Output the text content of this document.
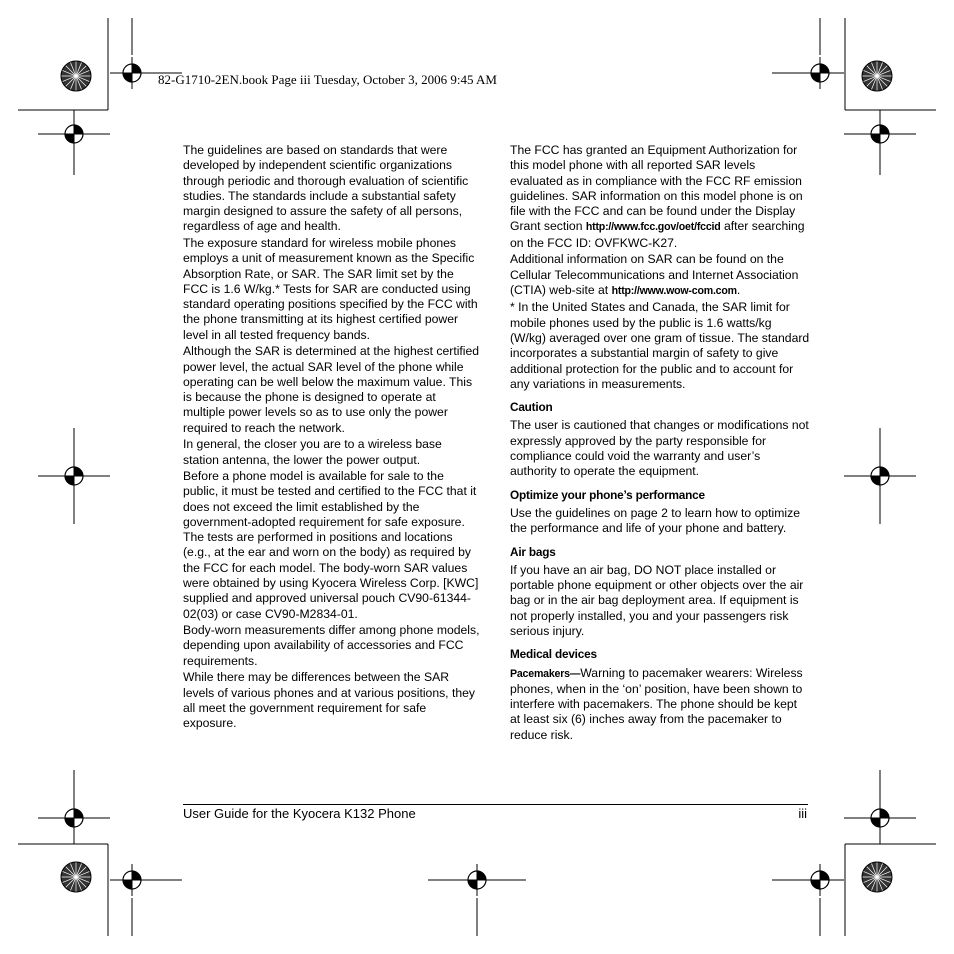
82-G1710-2EN.book Page iii Tuesday, October 3, 2006 9:45 AM

The guidelines are based on standards that were developed by independent scientific organizations through periodic and thorough evaluation of scientific studies. The standards include a substantial safety margin designed to assure the safety of all persons, regardless of age and health.

The exposure standard for wireless mobile phones employs a unit of measurement known as the Specific Absorption Rate, or SAR. The SAR limit set by the FCC is 1.6 W/kg.* Tests for SAR are conducted using standard operating positions specified by the FCC with the phone transmitting at its highest certified power level in all tested frequency bands.

Although the SAR is determined at the highest certified power level, the actual SAR level of the phone while operating can be well below the maximum value. This is because the phone is designed to operate at multiple power levels so as to use only the power required to reach the network.

In general, the closer you are to a wireless base station antenna, the lower the power output.

Before a phone model is available for sale to the public, it must be tested and certified to the FCC that it does not exceed the limit established by the government-adopted requirement for safe exposure. The tests are performed in positions and locations (e.g., at the ear and worn on the body) as required by the FCC for each model. The body-worn SAR values were obtained by using Kyocera Wireless Corp. [KWC] supplied and approved universal pouch CV90-61344-02(03) or case CV90-M2834-01.

Body-worn measurements differ among phone models, depending upon availability of accessories and FCC requirements.

While there may be differences between the SAR levels of various phones and at various positions, they all meet the government requirement for safe exposure.

The FCC has granted an Equipment Authorization for this model phone with all reported SAR levels evaluated as in compliance with the FCC RF emission guidelines. SAR information on this model phone is on file with the FCC and can be found under the Display Grant section http://www.fcc.gov/oet/fccid after searching on the FCC ID: OVFKWC-K27.

Additional information on SAR can be found on the Cellular Telecommunications and Internet Association (CTIA) web-site at http://www.wow-com.com.

* In the United States and Canada, the SAR limit for mobile phones used by the public is 1.6 watts/kg (W/kg) averaged over one gram of tissue. The standard incorporates a substantial margin of safety to give additional protection for the public and to account for any variations in measurements.

Caution

The user is cautioned that changes or modifications not expressly approved by the party responsible for compliance could void the warranty and user’s authority to operate the equipment.

Optimize your phone’s performance

Use the guidelines on page 2 to learn how to optimize the performance and life of your phone and battery.

Air bags

If you have an air bag, DO NOT place installed or portable phone equipment or other objects over the air bag or in the air bag deployment area. If equipment is not properly installed, you and your passengers risk serious injury.

Medical devices

Pacemakers—Warning to pacemaker wearers: Wireless phones, when in the ‘on’ position, have been shown to interfere with pacemakers. The phone should be kept at least six (6) inches away from the pacemaker to reduce risk.

User Guide for the Kyocera K132 Phone	iii
